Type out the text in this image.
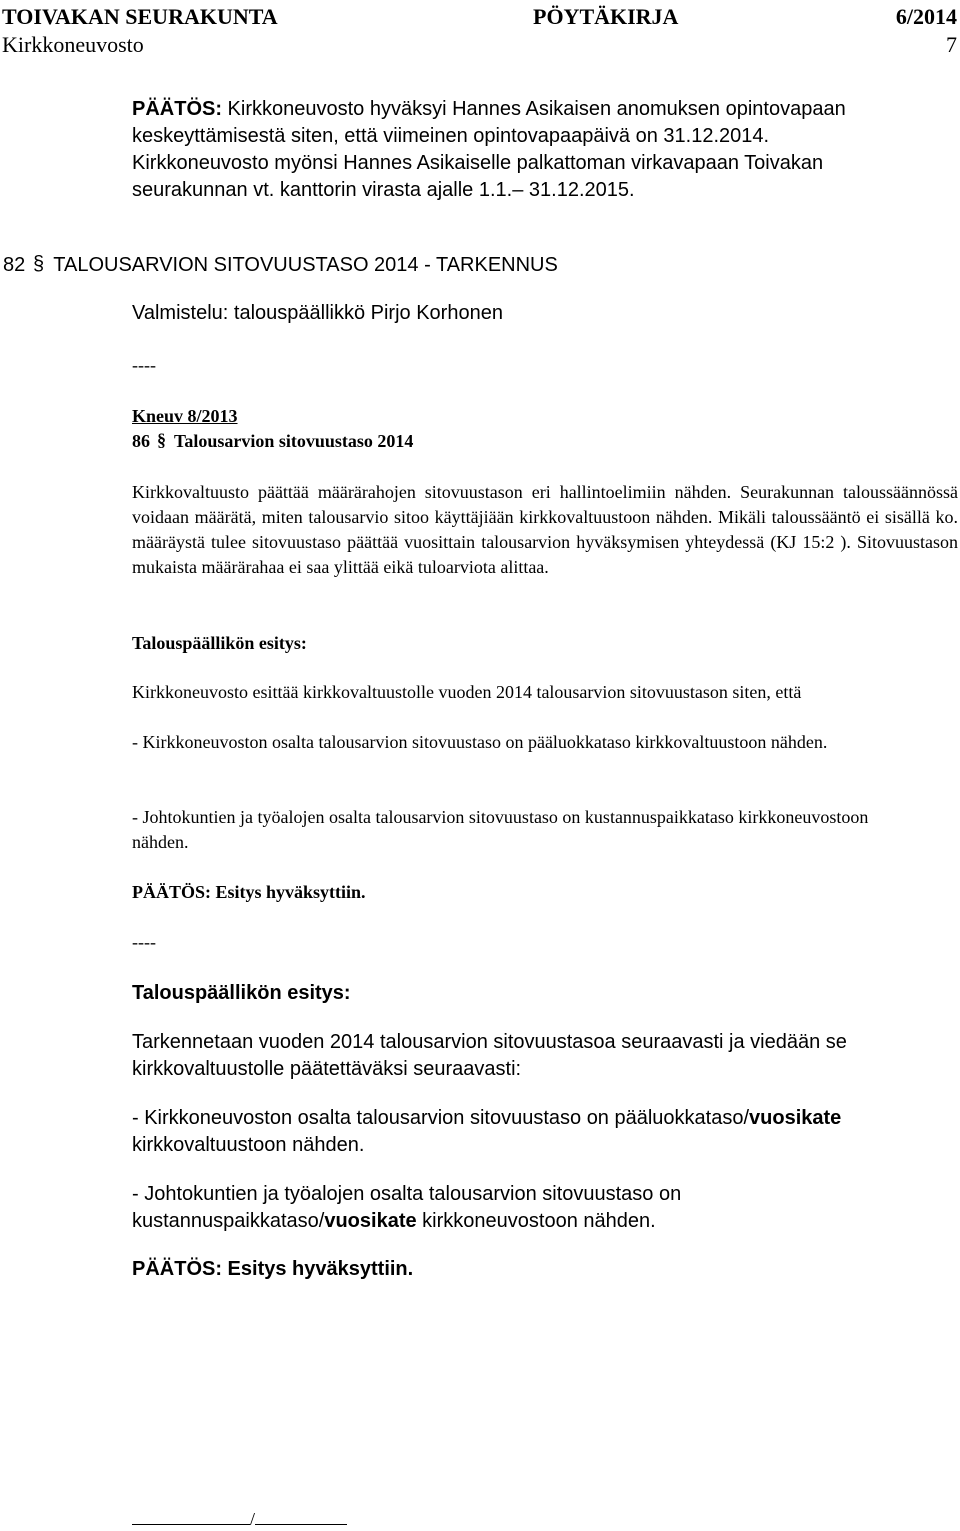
TOIVAKAN SEURAKUNTA	PÖYTÄKIRJA	6/2014
Kirkkoneuvosto	7
PÄÄTÖS: Kirkkoneuvosto hyväksyi Hannes Asikaisen anomuksen opintovapaan keskeyttämisestä siten, että viimeinen opintovapaapäivä on 31.12.2014.
Kirkkoneuvosto myönsi Hannes Asikaiselle palkattoman virkavapaan Toivakan seurakunnan vt. kanttorin virasta ajalle 1.1.– 31.12.2015.
82 § TALOUSARVION SITOVUUSTASO 2014 - TARKENNUS
Valmistelu: talouspäällikkö Pirjo Korhonen
----
Kneuv 8/2013
86 § Talousarvion sitovuustaso 2014
Kirkkovaltuusto päättää määrärahojen sitovuustason eri hallintoelimiin nähden. Seurakunnan taloussäännössä voidaan määrätä, miten talousarvio sitoo käyttäjiään kirkkovaltuustoon nähden. Mikäli taloussääntö ei sisällä ko. määräystä tulee sitovuustaso päättää vuosittain talousarvion hyväksymisen yhteydessä (KJ 15:2 ). Sitovuustason mukaista määrärahaa ei saa ylittää eikä tuloarviota alittaa.
Talouspäällikön esitys:
Kirkkoneuvosto esittää kirkkovaltuustolle vuoden 2014 talousarvion sitovuustason siten, että
- Kirkkoneuvoston osalta talousarvion sitovuustaso on pääluokkataso kirkkovaltuustoon nähden.
- Johtokuntien ja työalojen osalta talousarvion sitovuustaso on kustannuspaikkataso kirkkoneuvostoon nähden.
PÄÄTÖS: Esitys hyväksyttiin.
----
Talouspäällikön esitys:
Tarkennetaan vuoden 2014 talousarvion sitovuustasoa seuraavasti ja viedään se kirkkovaltuustolle päätettäväksi seuraavasti:
- Kirkkoneuvoston osalta talousarvion sitovuustaso on pääluokkataso/vuosikate kirkkovaltuustoon nähden.
- Johtokuntien ja työalojen osalta talousarvion sitovuustaso on kustannuspaikkataso/vuosikate kirkkoneuvostoon nähden.
PÄÄTÖS: Esitys hyväksyttiin.
/
